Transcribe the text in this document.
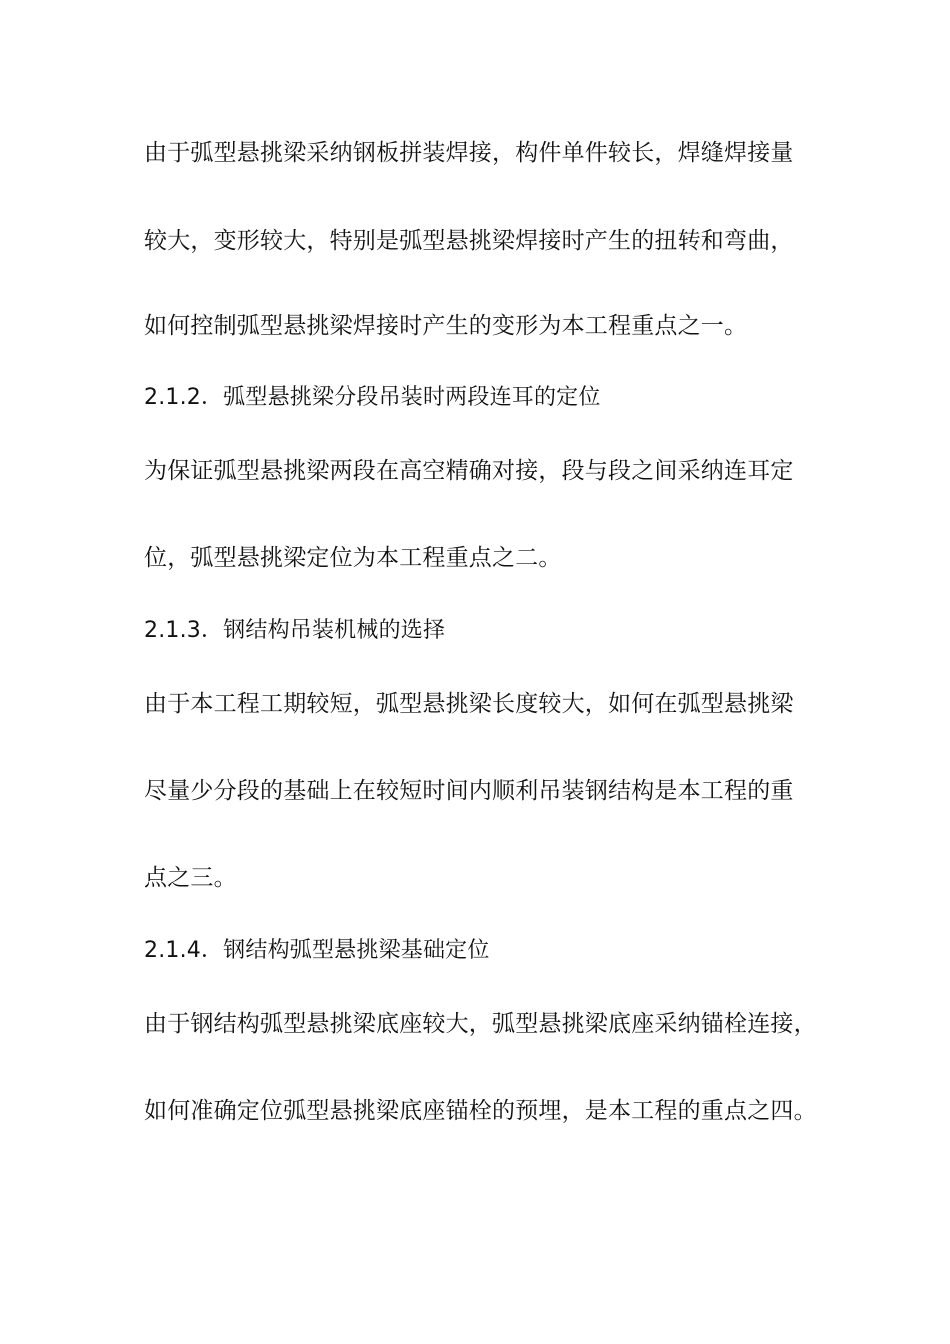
由于弧型悬挑梁采纳钢板拼装焊接，构件单件较长，焊缝焊接量
较大，变形较大，特别是弧型悬挑梁焊接时产生的扭转和弯曲，
如何控制弧型悬挑梁焊接时产生的变形为本工程重点之一。
2.1.2．弧型悬挑梁分段吊装时两段连耳的定位
为保证弧型悬挑梁两段在高空精确对接，段与段之间采纳连耳定
位，弧型悬挑梁定位为本工程重点之二。
2.1.3．钢结构吊装机械的选择
由于本工程工期较短，弧型悬挑梁长度较大，如何在弧型悬挑梁
尽量少分段的基础上在较短时间内顺利吊装钢结构是本工程的重
点之三。
2.1.4．钢结构弧型悬挑梁基础定位
由于钢结构弧型悬挑梁底座较大，弧型悬挑梁底座采纳锚栓连接，
如何准确定位弧型悬挑梁底座锚栓的预埋，是本工程的重点之四。
